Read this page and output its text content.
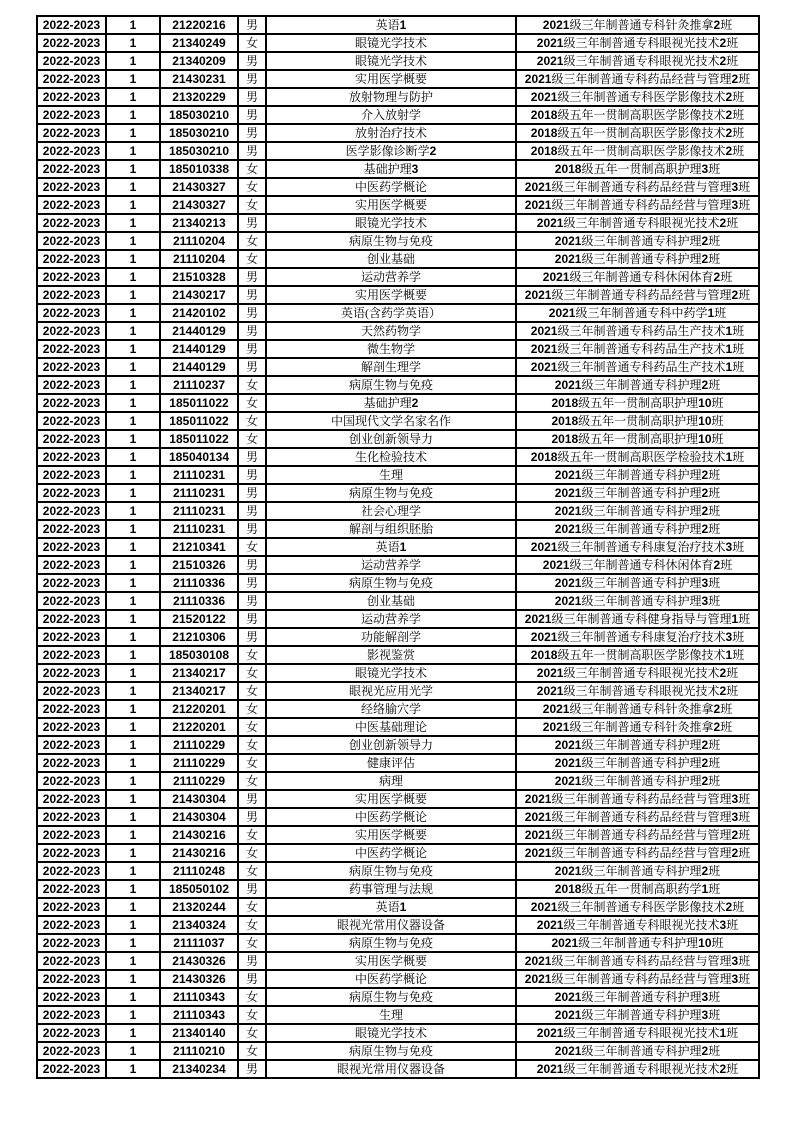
2022-2023	1	21220216	男	英语1	2021级三年制普通专科针灸推拿2班
2022-2023	1	21340249	女	眼镜光学技术	2021级三年制普通专科眼视光技术2班
2022-2023	1	21340209	男	眼镜光学技术	2021级三年制普通专科眼视光技术2班
2022-2023	1	21430231	男	实用医学概要	2021级三年制普通专科药品经营与管理2班
2022-2023	1	21320229	男	放射物理与防护	2021级三年制普通专科医学影像技术2班
2022-2023	1	185030210	男	介入放射学	2018级五年一贯制高职医学影像技术2班
2022-2023	1	185030210	男	放射治疗技术	2018级五年一贯制高职医学影像技术2班
2022-2023	1	185030210	男	医学影像诊断学2	2018级五年一贯制高职医学影像技术2班
2022-2023	1	185010338	女	基础护理3	2018级五年一贯制高职护理3班
2022-2023	1	21430327	女	中医药学概论	2021级三年制普通专科药品经营与管理3班
2022-2023	1	21430327	女	实用医学概要	2021级三年制普通专科药品经营与管理3班
2022-2023	1	21340213	男	眼镜光学技术	2021级三年制普通专科眼视光技术2班
2022-2023	1	21110204	女	病原生物与免疫	2021级三年制普通专科护理2班
2022-2023	1	21110204	女	创业基础	2021级三年制普通专科护理2班
2022-2023	1	21510328	男	运动营养学	2021级三年制普通专科休闲体育2班
2022-2023	1	21430217	男	实用医学概要	2021级三年制普通专科药品经营与管理2班
2022-2023	1	21420102	男	英语(含药学英语）	2021级三年制普通专科中药学1班
2022-2023	1	21440129	男	天然药物学	2021级三年制普通专科药品生产技术1班
2022-2023	1	21440129	男	微生物学	2021级三年制普通专科药品生产技术1班
2022-2023	1	21440129	男	解剖生理学	2021级三年制普通专科药品生产技术1班
2022-2023	1	21110237	女	病原生物与免疫	2021级三年制普通专科护理2班
2022-2023	1	185011022	女	基础护理2	2018级五年一贯制高职护理10班
2022-2023	1	185011022	女	中国现代文学名家名作	2018级五年一贯制高职护理10班
2022-2023	1	185011022	女	创业创新领导力	2018级五年一贯制高职护理10班
2022-2023	1	185040134	男	生化检验技术	2018级五年一贯制高职医学检验技术1班
2022-2023	1	21110231	男	生理	2021级三年制普通专科护理2班
2022-2023	1	21110231	男	病原生物与免疫	2021级三年制普通专科护理2班
2022-2023	1	21110231	男	社会心理学	2021级三年制普通专科护理2班
2022-2023	1	21110231	男	解剖与组织胚胎	2021级三年制普通专科护理2班
2022-2023	1	21210341	女	英语1	2021级三年制普通专科康复治疗技术3班
2022-2023	1	21510326	男	运动营养学	2021级三年制普通专科休闲体育2班
2022-2023	1	21110336	男	病原生物与免疫	2021级三年制普通专科护理3班
2022-2023	1	21110336	男	创业基础	2021级三年制普通专科护理3班
2022-2023	1	21520122	男	运动营养学	2021级三年制普通专科健身指导与管理1班
2022-2023	1	21210306	男	功能解剖学	2021级三年制普通专科康复治疗技术3班
2022-2023	1	185030108	女	影视鉴赏	2018级五年一贯制高职医学影像技术1班
2022-2023	1	21340217	女	眼镜光学技术	2021级三年制普通专科眼视光技术2班
2022-2023	1	21340217	女	眼视光应用光学	2021级三年制普通专科眼视光技术2班
2022-2023	1	21220201	女	经络腧穴学	2021级三年制普通专科针灸推拿2班
2022-2023	1	21220201	女	中医基础理论	2021级三年制普通专科针灸推拿2班
2022-2023	1	21110229	女	创业创新领导力	2021级三年制普通专科护理2班
2022-2023	1	21110229	女	健康评估	2021级三年制普通专科护理2班
2022-2023	1	21110229	女	病理	2021级三年制普通专科护理2班
2022-2023	1	21430304	男	实用医学概要	2021级三年制普通专科药品经营与管理3班
2022-2023	1	21430304	男	中医药学概论	2021级三年制普通专科药品经营与管理3班
2022-2023	1	21430216	女	实用医学概要	2021级三年制普通专科药品经营与管理2班
2022-2023	1	21430216	女	中医药学概论	2021级三年制普通专科药品经营与管理2班
2022-2023	1	21110248	女	病原生物与免疫	2021级三年制普通专科护理2班
2022-2023	1	185050102	男	药事管理与法规	2018级五年一贯制高职药学1班
2022-2023	1	21320244	女	英语1	2021级三年制普通专科医学影像技术2班
2022-2023	1	21340324	女	眼视光常用仪器设备	2021级三年制普通专科眼视光技术3班
2022-2023	1	21111037	女	病原生物与免疫	2021级三年制普通专科护理10班
2022-2023	1	21430326	男	实用医学概要	2021级三年制普通专科药品经营与管理3班
2022-2023	1	21430326	男	中医药学概论	2021级三年制普通专科药品经营与管理3班
2022-2023	1	21110343	女	病原生物与免疫	2021级三年制普通专科护理3班
2022-2023	1	21110343	女	生理	2021级三年制普通专科护理3班
2022-2023	1	21340140	女	眼镜光学技术	2021级三年制普通专科眼视光技术1班
2022-2023	1	21110210	女	病原生物与免疫	2021级三年制普通专科护理2班
2022-2023	1	21340234	男	眼视光常用仪器设备	2021级三年制普通专科眼视光技术2班
